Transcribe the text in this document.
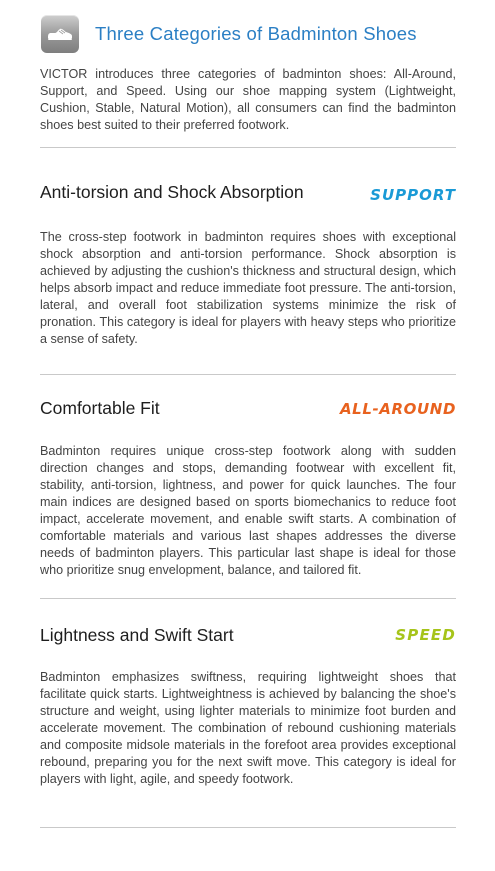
Three Categories of Badminton Shoes
VICTOR introduces three categories of badminton shoes: All-Around, Support, and Speed. Using our shoe mapping system (Lightweight, Cushion, Stable, Natural Motion), all consumers can find the badminton shoes best suited to their preferred footwork.
Anti-torsion and Shock Absorption	SUPPORT
The cross-step footwork in badminton requires shoes with exceptional shock absorption and anti-torsion performance. Shock absorption is achieved by adjusting the cushion's thickness and structural design, which helps absorb impact and reduce immediate foot pressure. The anti-torsion, lateral, and overall foot stabilization systems minimize the risk of pronation. This category is ideal for players with heavy steps who prioritize a sense of safety.
Comfortable Fit	ALL-AROUND
Badminton requires unique cross-step footwork along with sudden direction changes and stops, demanding footwear with excellent fit, stability, anti-torsion, lightness, and power for quick launches. The four main indices are designed based on sports biomechanics to reduce foot impact, accelerate movement, and enable swift starts. A combination of comfortable materials and various last shapes addresses the diverse needs of badminton players. This particular last shape is ideal for those who prioritize snug envelopment, balance, and tailored fit.
Lightness and Swift Start	SPEED
Badminton emphasizes swiftness, requiring lightweight shoes that facilitate quick starts. Lightweightness is achieved by balancing the shoe's structure and weight, using lighter materials to minimize foot burden and accelerate movement. The combination of rebound cushioning materials and composite midsole materials in the forefoot area provides exceptional rebound, preparing you for the next swift move. This category is ideal for players with light, agile, and speedy footwork.
